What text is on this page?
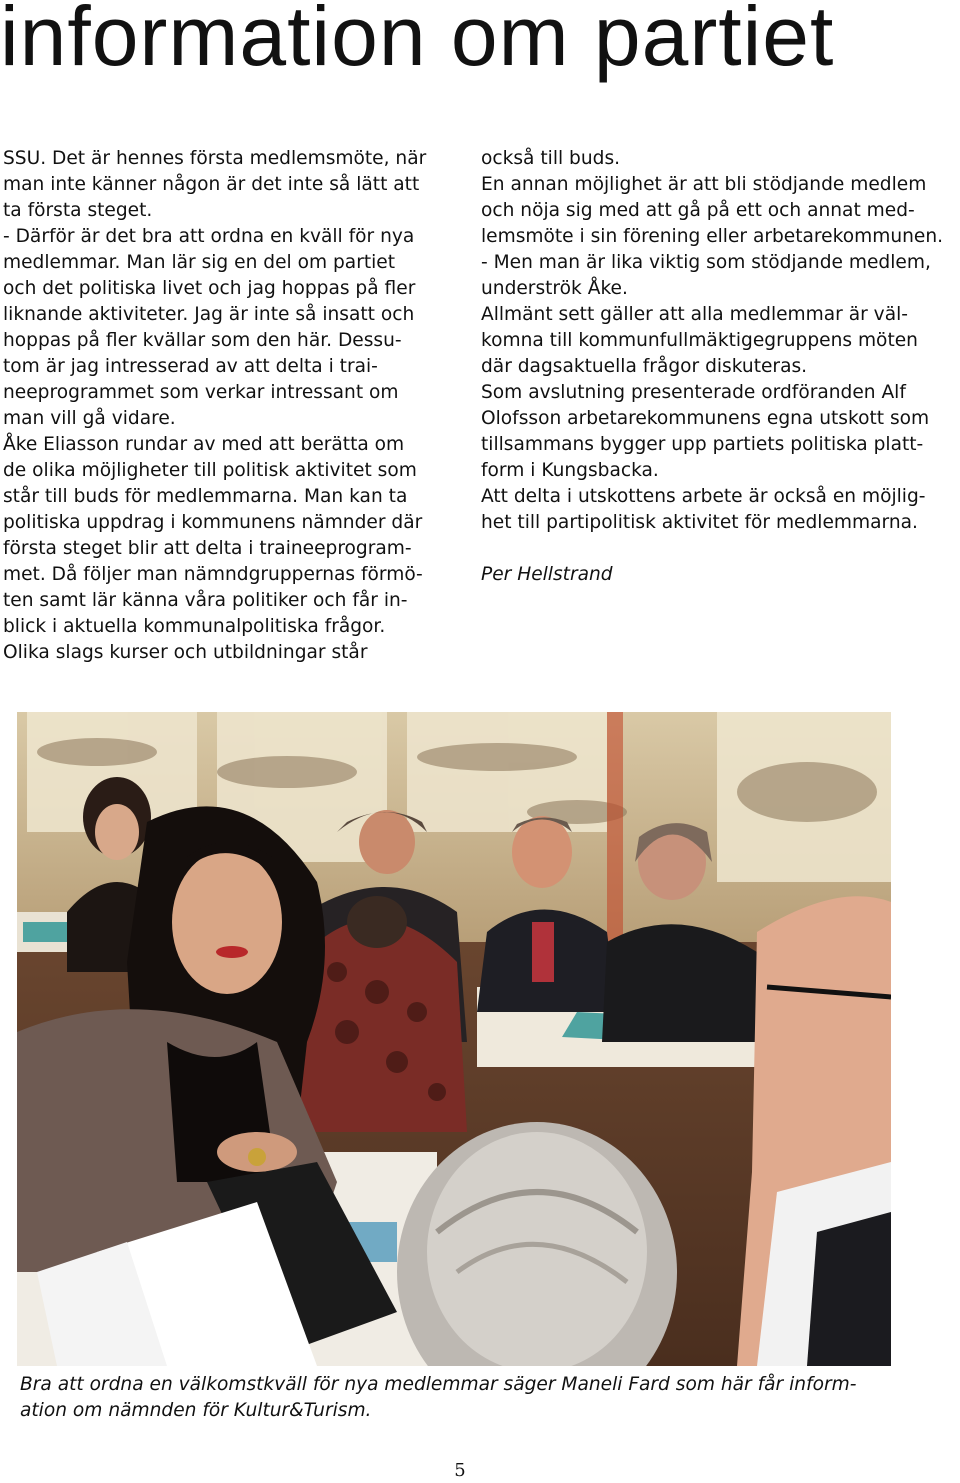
information om partiet

SSU. Det är hennes första medlemsmöte, när

man inte känner någon är det inte så lätt att

ta första steget.

- Därför är det bra att ordna en kväll för nya

medlemmar. Man lär sig en del om partiet

och det politiska livet och jag hoppas på fler

liknande aktiviteter. Jag är inte så insatt och

hoppas på fler kvällar som den här. Dessu-

tom är jag intresserad av att delta i trai-

neeprogrammet som verkar intressant om

man vill gå vidare.

Åke Eliasson rundar av med att berätta om

de olika möjligheter till politisk aktivitet som

står till buds för medlemmarna. Man kan ta

politiska uppdrag i kommunens nämnder där

första steget blir att delta i traineeprogram-

met. Då följer man nämndgruppernas förmö-

ten samt lär känna våra politiker och får in-

blick i aktuella kommunalpolitiska frågor.

Olika slags kurser och utbildningar står

också till buds.

En annan möjlighet är att bli stödjande medlem

och nöja sig med att gå på ett och annat med-

lemsmöte i sin förening eller arbetarekommunen.

- Men man är lika viktig som stödjande medlem,

underströk Åke.

Allmänt sett gäller att alla medlemmar är väl-

komna till kommunfullmäktigegruppens möten

där dagsaktuella frågor diskuteras.

Som avslutning presenterade ordföranden Alf

Olofsson arbetarekommunens egna utskott som

tillsammans bygger upp partiets politiska platt-

form i Kungsbacka.

Att delta i utskottens arbete är också en möjlig-

het till partipolitisk aktivitet för medlemmarna.

Per Hellstrand

Bra att ordna en välkomstkväll för nya medlemmar säger Maneli Fard som här får inform-

ation om nämnden för Kultur&Turism.

5
